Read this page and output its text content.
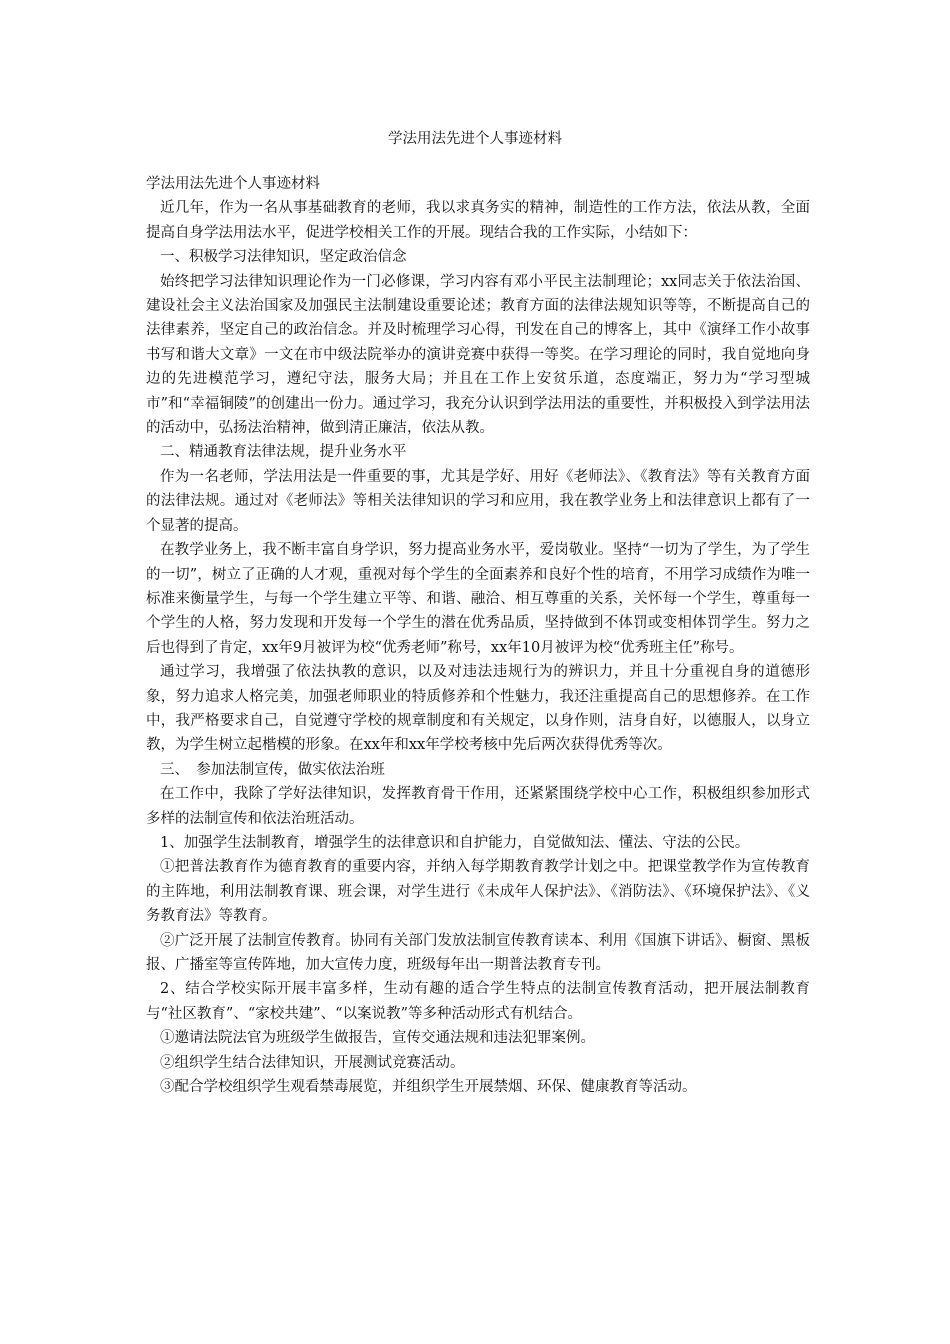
学法用法先进个人事迹材料

学法用法先进个人事迹材料

近几年，作为一名从事基础教育的老师，我以求真务实的精神，制造性的工作方法，依法从教，全面提高自身学法用法水平，促进学校相关工作的开展。现结合我的工作实际，小结如下：

一、积极学习法律知识，坚定政治信念

始终把学习法律知识理论作为一门必修课，学习内容有邓小平民主法制理论；xx同志关于依法治国、建设社会主义法治国家及加强民主法制建设重要论述；教育方面的法律法规知识等等，不断提高自己的法律素养，坚定自己的政治信念。并及时梳理学习心得，刊发在自己的博客上，其中《演绎工作小故事 书写和谐大文章》一文在市中级法院举办的演讲竞赛中获得一等奖。在学习理论的同时，我自觉地向身边的先进模范学习，遵纪守法，服务大局；并且在工作上安贫乐道，态度端正，努力为“学习型城市”和“幸福铜陵”的创建出一份力。通过学习，我充分认识到学法用法的重要性，并积极投入到学法用法的活动中，弘扬法治精神，做到清正廉洁，依法从教。

二、精通教育法律法规，提升业务水平

作为一名老师，学法用法是一件重要的事，尤其是学好、用好《老师法》、《教育法》等有关教育方面的法律法规。通过对《老师法》等相关法律知识的学习和应用，我在教学业务上和法律意识上都有了一个显著的提高。

在教学业务上，我不断丰富自身学识，努力提高业务水平，爱岗敬业。坚持“一切为了学生，为了学生的一切”，树立了正确的人才观，重视对每个学生的全面素养和良好个性的培育，不用学习成绩作为唯一标准来衡量学生，与每一个学生建立平等、和谐、融洽、相互尊重的关系，关怀每一个学生，尊重每一个学生的人格，努力发现和开发每一个学生的潜在优秀品质，坚持做到不体罚或变相体罚学生。努力之后也得到了肯定，xx年9月被评为校“优秀老师”称号，xx年10月被评为校“优秀班主任”称号。

通过学习，我增强了依法执教的意识，以及对违法违规行为的辨识力，并且十分重视自身的道德形象，努力追求人格完美，加强老师职业的特质修养和个性魅力，我还注重提高自己的思想修养。在工作中，我严格要求自己，自觉遵守学校的规章制度和有关规定，以身作则，洁身自好，以德服人，以身立教，为学生树立起楷模的形象。在xx年和xx年学校考核中先后两次获得优秀等次。

三、　参加法制宣传，做实依法治班

在工作中，我除了学好法律知识，发挥教育骨干作用，还紧紧围绕学校中心工作，积极组织参加形式多样的法制宣传和依法治班活动。

1、加强学生法制教育，增强学生的法律意识和自护能力，自觉做知法、懂法、守法的公民。

①把普法教育作为德育教育的重要内容，并纳入每学期教育教学计划之中。把课堂教学作为宣传教育的主阵地，利用法制教育课、班会课，对学生进行《未成年人保护法》、《消防法》、《环境保护法》、《义务教育法》等教育。

②广泛开展了法制宣传教育。协同有关部门发放法制宣传教育读本、利用《国旗下讲话》、橱窗、黑板报、广播室等宣传阵地，加大宣传力度，班级每年出一期普法教育专刊。

2、结合学校实际开展丰富多样，生动有趣的适合学生特点的法制宣传教育活动，把开展法制教育与“社区教育”、“家校共建”、“以案说教”等多种活动形式有机结合。

①邀请法院法官为班级学生做报告，宣传交通法规和违法犯罪案例。

②组织学生结合法律知识，开展测试竞赛活动。

③配合学校组织学生观看禁毒展览，并组织学生开展禁烟、环保、健康教育等活动。
